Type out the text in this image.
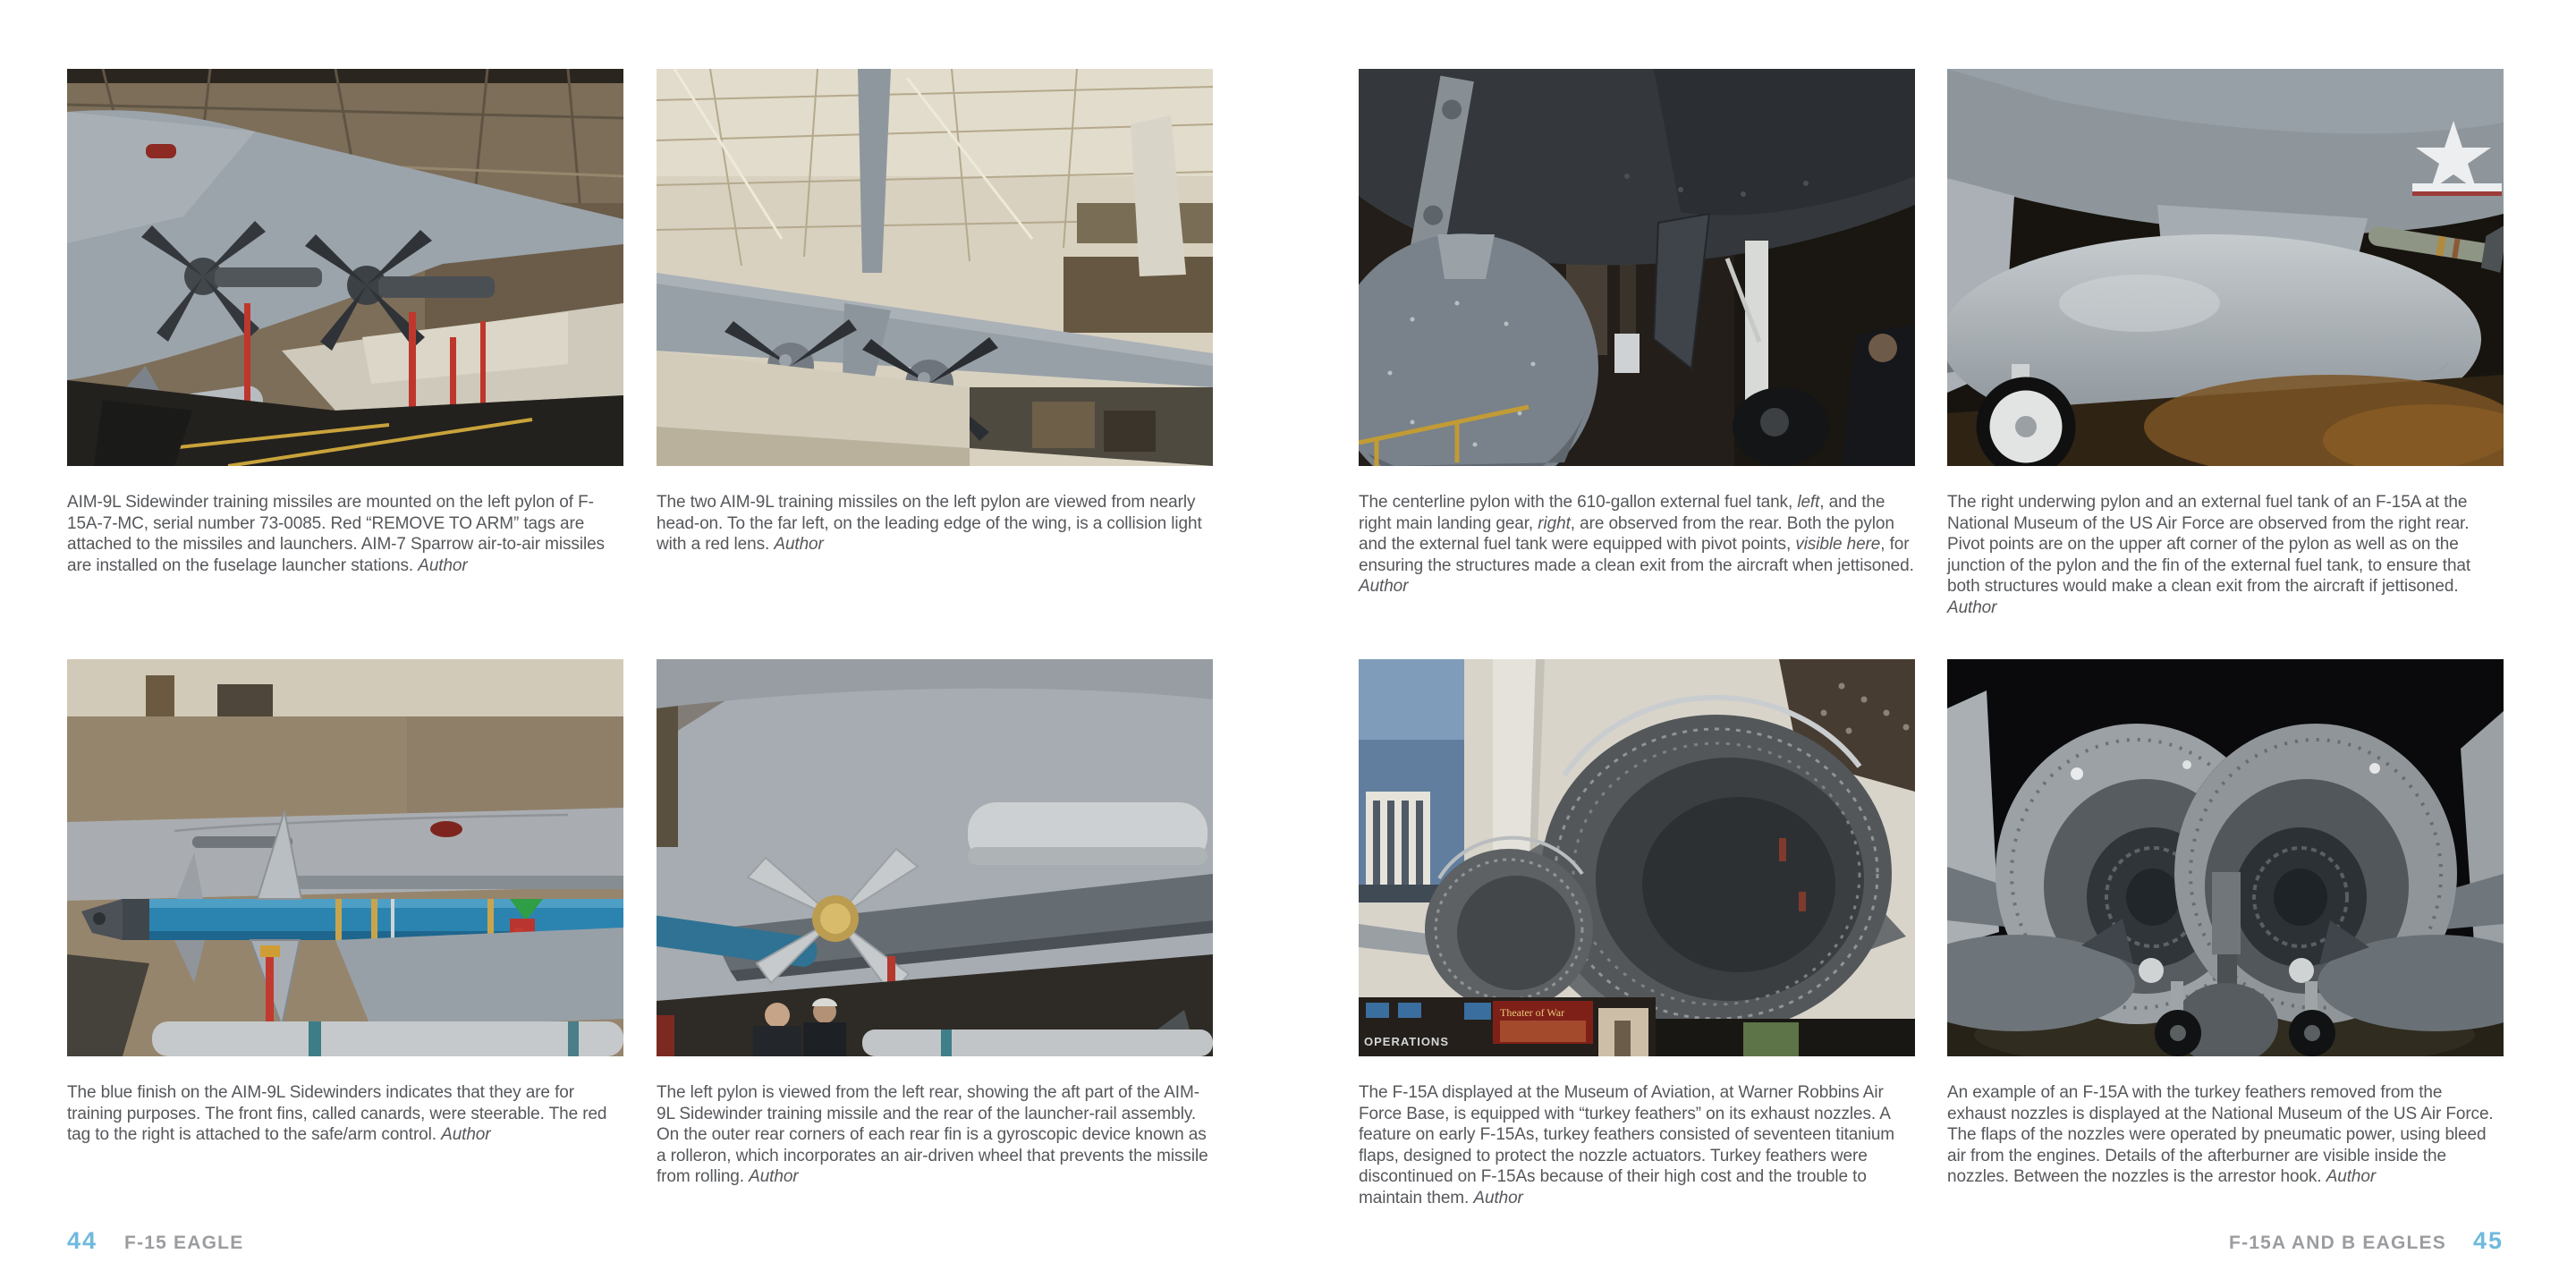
AIM-9L Sidewinder training missiles are mounted on the left pylon of F-15A-7-MC, serial number 73-0085. Red “REMOVE TO ARM” tags are attached to the missiles and launchers. AIM-7 Sparrow air-to-air missiles are installed on the fuselage launcher stations. Author
The two AIM-9L training missiles on the left pylon are viewed from nearly head-on. To the far left, on the leading edge of the wing, is a collision light with a red lens. Author
The centerline pylon with the 610-gallon external fuel tank, left, and the right main landing gear, right, are observed from the rear. Both the pylon and the external fuel tank were equipped with pivot points, visible here, for ensuring the structures made a clean exit from the aircraft when jettisoned. Author
The right underwing pylon and an external fuel tank of an F-15A at the National Museum of the US Air Force are observed from the right rear. Pivot points are on the upper aft corner of the pylon as well as on the junction of the pylon and the fin of the external fuel tank, to ensure that both structures would make a clean exit from the aircraft if jettisoned. Author
The blue finish on the AIM-9L Sidewinders indicates that they are for training purposes. The front fins, called canards, were steerable. The red tag to the right is attached to the safe/arm control. Author
The left pylon is viewed from the left rear, showing the aft part of the AIM-9L Sidewinder training missile and the rear of the launcher-rail assembly. On the outer rear corners of each rear fin is a gyroscopic device known as a rolleron, which incorporates an air-driven wheel that prevents the missile from rolling. Author
Theater of War
OPERATIONS
The F-15A displayed at the Museum of Aviation, at Warner Robbins Air Force Base, is equipped with “turkey feathers” on its exhaust nozzles. A feature on early F-15As, turkey feathers consisted of seventeen titanium flaps, designed to protect the nozzle actuators. Turkey feathers were discontinued on F-15As because of their high cost and the trouble to maintain them. Author
An example of an F-15A with the turkey feathers removed from the exhaust nozzles is displayed at the National Museum of the US Air Force. The flaps of the nozzles were operated by pneumatic power, using bleed air from the engines. Details of the afterburner are visible inside the nozzles. Between the nozzles is the arrestor hook. Author
44 F-15 EAGLE	F-15A AND B EAGLES 45
